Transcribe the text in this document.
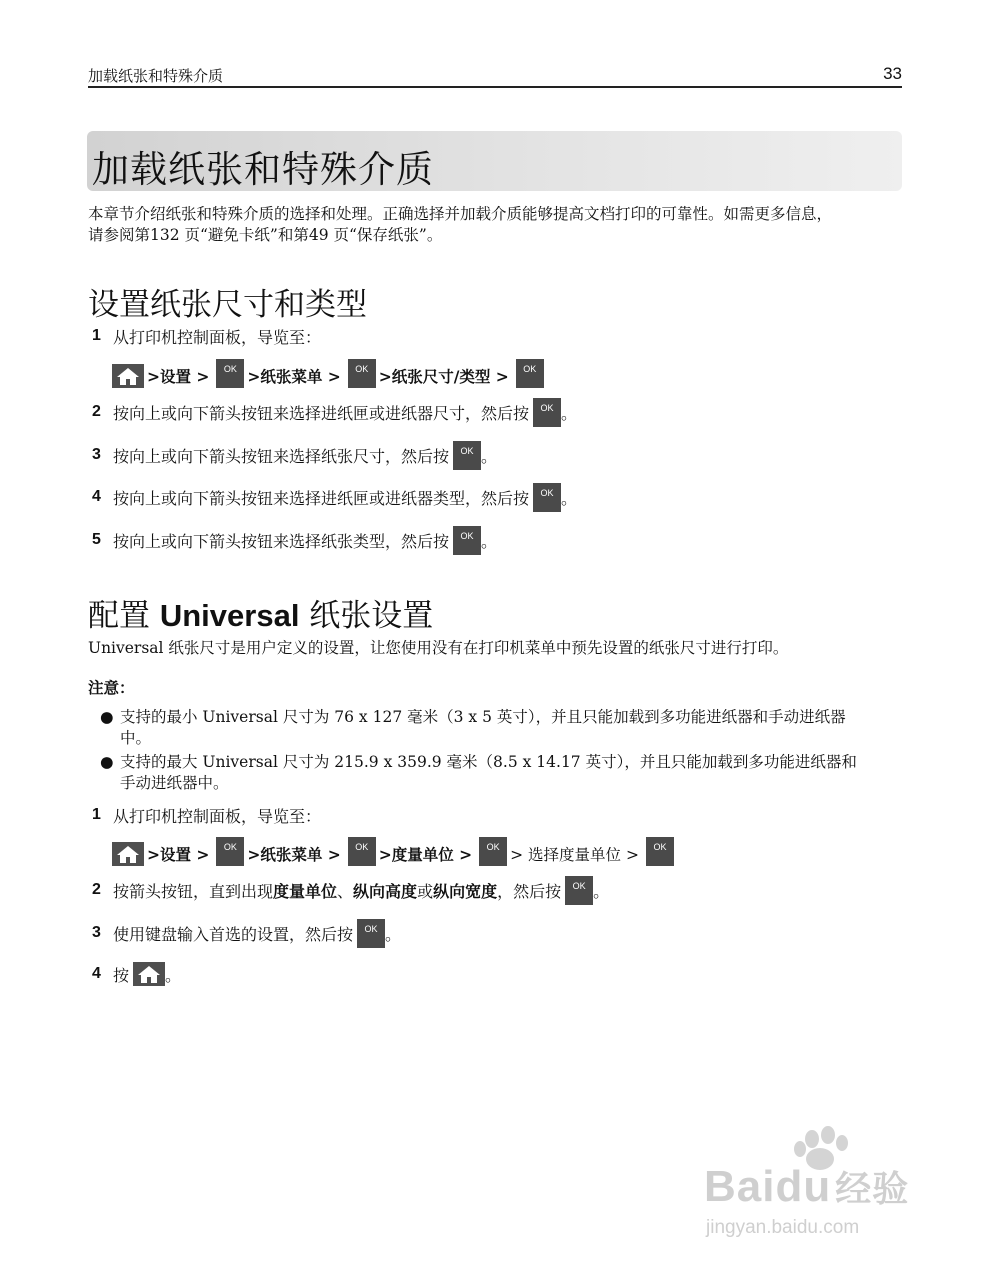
加载纸张和特殊介质	33
加载纸张和特殊介质
本章节介绍纸张和特殊介质的选择和处理。正确选择并加载介质能够提高文档打印的可靠性。如需更多信息，
请参阅第132 页“避免卡纸”和第49 页“保存纸张”。
设置纸张尺寸和类型
1 从打印机控制面板，导览至：
>设置 >	OK >纸张菜单 >	OK >纸张尺寸/类型 >	OK
2 按向上或向下箭头按钮来选择进纸匣或进纸器尺寸，然后按	OK 。
3 按向上或向下箭头按钮来选择纸张尺寸，然后按	OK 。
4 按向上或向下箭头按钮来选择进纸匣或进纸器类型，然后按	OK 。
5 按向上或向下箭头按钮来选择纸张类型，然后按	OK 。
配置 Universal 纸张设置
Universal 纸张尺寸是用户定义的设置，让您使用没有在打印机菜单中预先设置的纸张尺寸进行打印。
注意：
● 支持的最小 Universal 尺寸为 76 x 127 毫米（3 x 5 英寸），并且只能加载到多功能进纸器和手动进纸器
中。
● 支持的最大 Universal 尺寸为 215.9 x 359.9 毫米（8.5 x 14.17 英寸），并且只能加载到多功能进纸器和
手动进纸器中。
1 从打印机控制面板，导览至：
>设置 >	OK >纸张菜单 >	OK >度量单位 >	OK > 选择度量单位 >	OK
2 按箭头按钮，直到出现度量单位、纵向高度或纵向宽度，然后按	OK 。
3 使用键盘输入首选的设置，然后按	OK 。
4 按 。
Baidu 经验
jingyan.baidu.com
